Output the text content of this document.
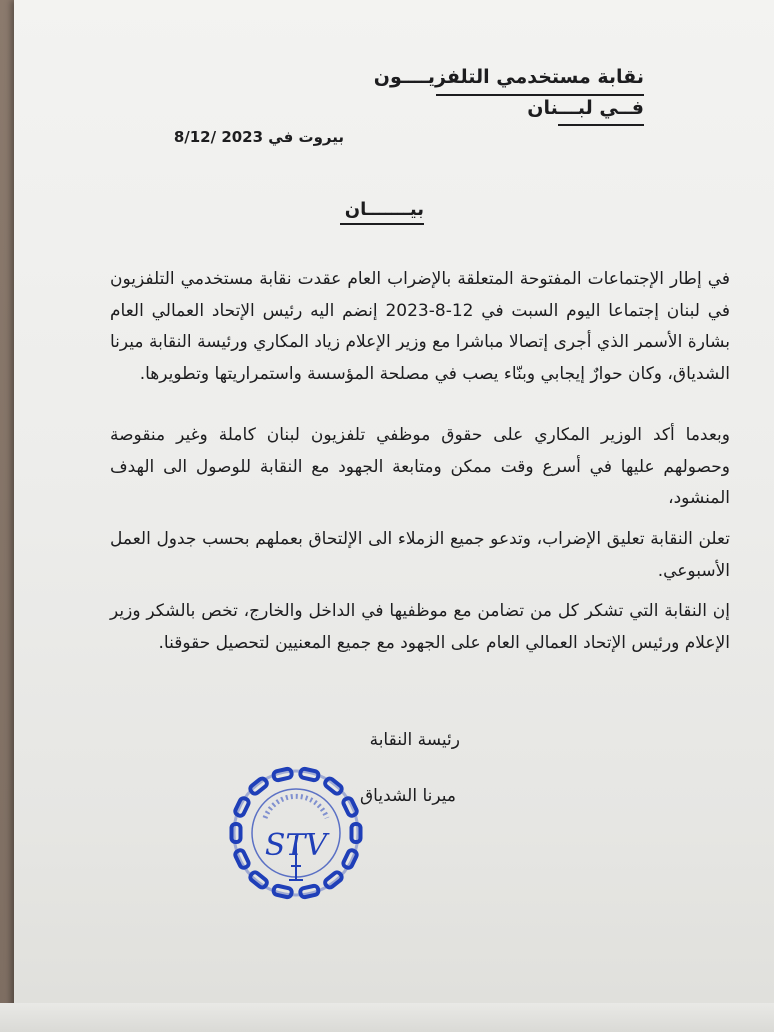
نقابة مستخدمي التلفزيــــون

فــي لبـــنان

بيروت في 2023 /8/12

بيـــــــان

في إطار الإجتماعات المفتوحة المتعلقة بالإضراب العام عقدت نقابة مستخدمي التلفزيون في لبنان إجتماعا اليوم السبت في 12-8-2023 إنضم اليه رئيس الإتحاد العمالي العام بشارة الأسمر الذي أجرى إتصالا مباشرا مع وزير الإعلام زياد المكاري ورئيسة النقابة ميرنا الشدياق، وكان حوارٌ إيجابي وبنّاء يصب في مصلحة المؤسسة واستمراريتها وتطويرها.

وبعدما أكد الوزير المكاري على حقوق موظفي تلفزيون لبنان كاملة وغير منقوصة وحصولهم عليها في أسرع وقت ممكن ومتابعة الجهود مع النقابة للوصول الى الهدف المنشود،

تعلن النقابة تعليق الإضراب، وتدعو جميع الزملاء الى الإلتحاق بعملهم بحسب جدول العمل الأسبوعي.

إن النقابة التي تشكر كل من تضامن مع موظفيها في الداخل والخارج، تخص بالشكر وزير الإعلام ورئيس الإتحاد العمالي العام على الجهود مع جميع المعنيين لتحصيل حقوقنا.

رئيسة النقابة

ميرنا الشدياق

STV
